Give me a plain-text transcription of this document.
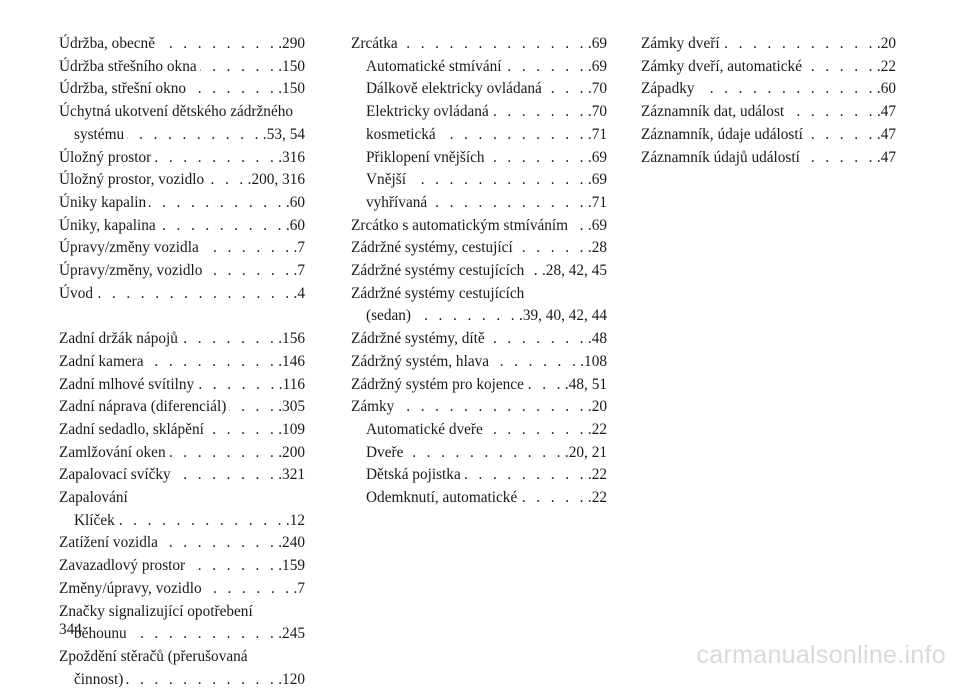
Údržba, obecně . . .	.290
Údržba střešního okna . . .	.150
Údržba, střešní okno . . .	.150
Úchytná ukotvení dětského zádržného
systému . . .	.53, 54
Úložný prostor . . .	.316
Úložný prostor, vozidlo . . .	.200, 316
Úniky kapalin . . .	.60
Úniky, kapalina . . .	.60
Úpravy/změny vozidla . . .	.7
Úpravy/změny, vozidlo . . .	.7
Úvod . . .	.4
Zadní držák nápojů . . .	.156
Zadní kamera . . .	.146
Zadní mlhové svítilny . . .	.116
Zadní náprava (diferenciál) . . .	.305
Zadní sedadlo, sklápění . . .	.109
Zamlžování oken . . .	.200
Zapalovací svíčky . . .	.321
Zapalování
Klíček . . .	.12
Zatížení vozidla . . .	.240
Zavazadlový prostor . . .	.159
Změny/úpravy, vozidlo . . .	.7
Značky signalizující opotřebení
běhounu . . .	.245
Zpoždění stěračů (přerušovaná
činnost) . . .	.120
Zrcátka . . .	.69
Automatické stmívání . . .	.69
Dálkově elektricky ovládaná . . .	.70
Elektricky ovládaná . . .	.70
kosmetická . . .	.71
Přiklopení vnějších . . .	.69
Vnější . . .	.69
vyhřívaná . . .	.71
Zrcátko s automatickým stmíváním . . . .69
Zádržné systémy, cestující . . .	.28
Zádržné systémy cestujících . . . .28, 42, 45
Zádržné systémy cestujících
(sedan) . . .	.39, 40, 42, 44
Zádržné systémy, dítě . . .	.48
Zádržný systém, hlava . . .	.108
Zádržný systém pro kojence . . .	.48, 51
Zámky . . .	.20
Automatické dveře . . .	.22
Dveře . . .	.20, 21
Dětská pojistka . . .	.22
Odemknutí, automatické . . .	.22
Zámky dveří . . .	.20
Zámky dveří, automatické . . .	.22
Západky . . .	.60
Záznamník dat, událost . . .	.47
Záznamník, údaje událostí . . .	.47
Záznamník údajů událostí . . .	.47
344
carmanualsonline.info
